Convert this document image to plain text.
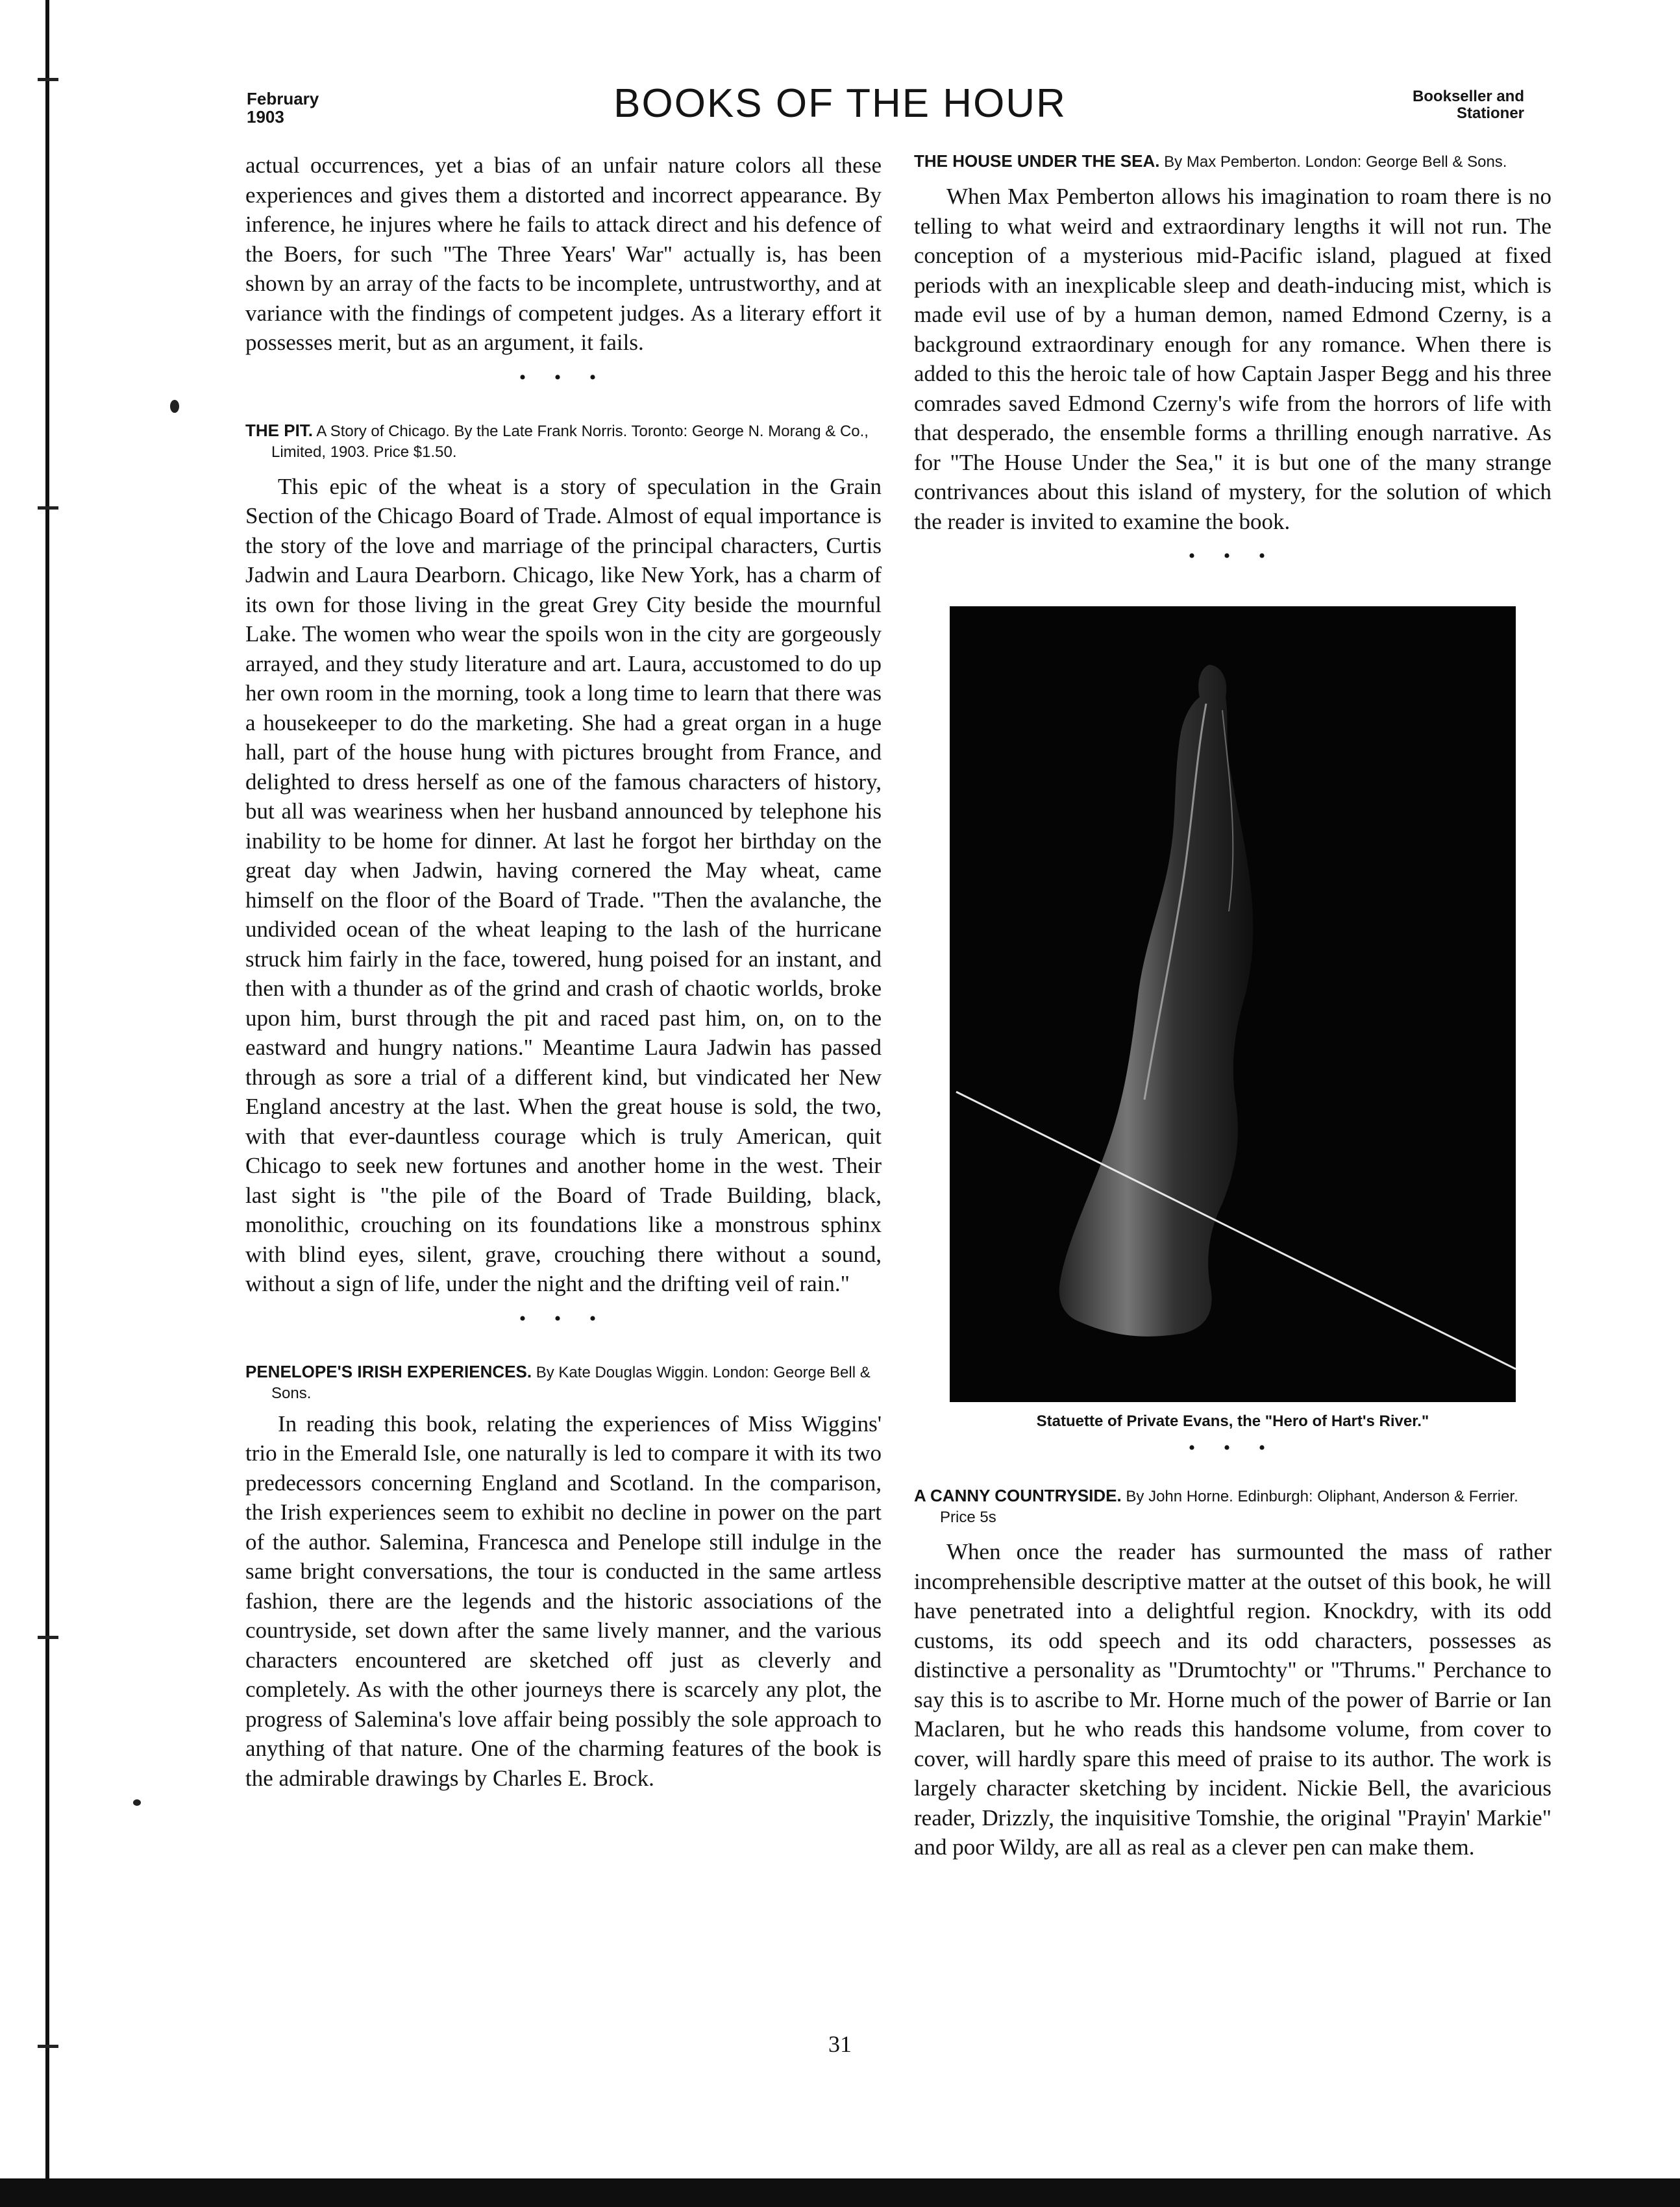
February
1903	BOOKS OF THE HOUR	Bookseller and
Stationer

actual occurrences, yet a bias of an unfair nature colors all these experiences and gives them a distorted and incorrect appearance. By inference, he injures where he fails to attack direct and his defence of the Boers, for such "The Three Years' War" actually is, has been shown by an array of the facts to be incomplete, untrustworthy, and at variance with the findings of competent judges. As a literary effort it possesses merit, but as an argument, it fails.

• • •

THE PIT. A Story of Chicago. By the Late Frank Norris. Toronto: George N. Morang & Co., Limited, 1903. Price $1.50.

This epic of the wheat is a story of speculation in the Grain Section of the Chicago Board of Trade. Almost of equal importance is the story of the love and marriage of the principal characters, Curtis Jadwin and Laura Dearborn. Chicago, like New York, has a charm of its own for those living in the great Grey City beside the mournful Lake. The women who wear the spoils won in the city are gorgeously arrayed, and they study literature and art. Laura, accustomed to do up her own room in the morning, took a long time to learn that there was a housekeeper to do the marketing. She had a great organ in a huge hall, part of the house hung with pictures brought from France, and delighted to dress herself as one of the famous characters of history, but all was weariness when her husband announced by telephone his inability to be home for dinner. At last he forgot her birthday on the great day when Jadwin, having cornered the May wheat, came himself on the floor of the Board of Trade. "Then the avalanche, the undivided ocean of the wheat leaping to the lash of the hurricane struck him fairly in the face, towered, hung poised for an instant, and then with a thunder as of the grind and crash of chaotic worlds, broke upon him, burst through the pit and raced past him, on, on to the eastward and hungry nations." Meantime Laura Jadwin has passed through as sore a trial of a different kind, but vindicated her New England ancestry at the last. When the great house is sold, the two, with that ever-dauntless courage which is truly American, quit Chicago to seek new fortunes and another home in the west. Their last sight is "the pile of the Board of Trade Building, black, monolithic, crouching on its foundations like a monstrous sphinx with blind eyes, silent, grave, crouching there without a sound, without a sign of life, under the night and the drifting veil of rain."

• • •

PENELOPE'S IRISH EXPERIENCES. By Kate Douglas Wiggin. London: George Bell & Sons.

In reading this book, relating the experiences of Miss Wiggins' trio in the Emerald Isle, one naturally is led to compare it with its two predecessors concerning England and Scotland. In the comparison, the Irish experiences seem to exhibit no decline in power on the part of the author. Salemina, Francesca and Penelope still indulge in the same bright conversations, the tour is conducted in the same artless fashion, there are the legends and the historic associations of the countryside, set down after the same lively manner, and the various characters encountered are sketched off just as cleverly and completely. As with the other journeys there is scarcely any plot, the progress of Salemina's love affair being possibly the sole approach to anything of that nature. One of the charming features of the book is the admirable drawings by Charles E. Brock.

THE HOUSE UNDER THE SEA. By Max Pemberton. London: George Bell & Sons.

When Max Pemberton allows his imagination to roam there is no telling to what weird and extraordinary lengths it will not run. The conception of a mysterious mid-Pacific island, plagued at fixed periods with an inexplicable sleep and death-inducing mist, which is made evil use of by a human demon, named Edmond Czerny, is a background extraordinary enough for any romance. When there is added to this the heroic tale of how Captain Jasper Begg and his three comrades saved Edmond Czerny's wife from the horrors of life with that desperado, the ensemble forms a thrilling enough narrative. As for "The House Under the Sea," it is but one of the many strange contrivances about this island of mystery, for the solution of which the reader is invited to examine the book.

• • •

Statuette of Private Evans, the "Hero of Hart's River."

• • •

A CANNY COUNTRYSIDE. By John Horne. Edinburgh: Oliphant, Anderson & Ferrier. Price 5s

When once the reader has surmounted the mass of rather incomprehensible descriptive matter at the outset of this book, he will have penetrated into a delightful region. Knockdry, with its odd customs, its odd speech and its odd characters, possesses as distinctive a personality as "Drumtochty" or "Thrums." Perchance to say this is to ascribe to Mr. Horne much of the power of Barrie or Ian Maclaren, but he who reads this handsome volume, from cover to cover, will hardly spare this meed of praise to its author. The work is largely character sketching by incident. Nickie Bell, the avaricious reader, Drizzly, the inquisitive Tomshie, the original "Prayin' Markie" and poor Wildy, are all as real as a clever pen can make them.

31
